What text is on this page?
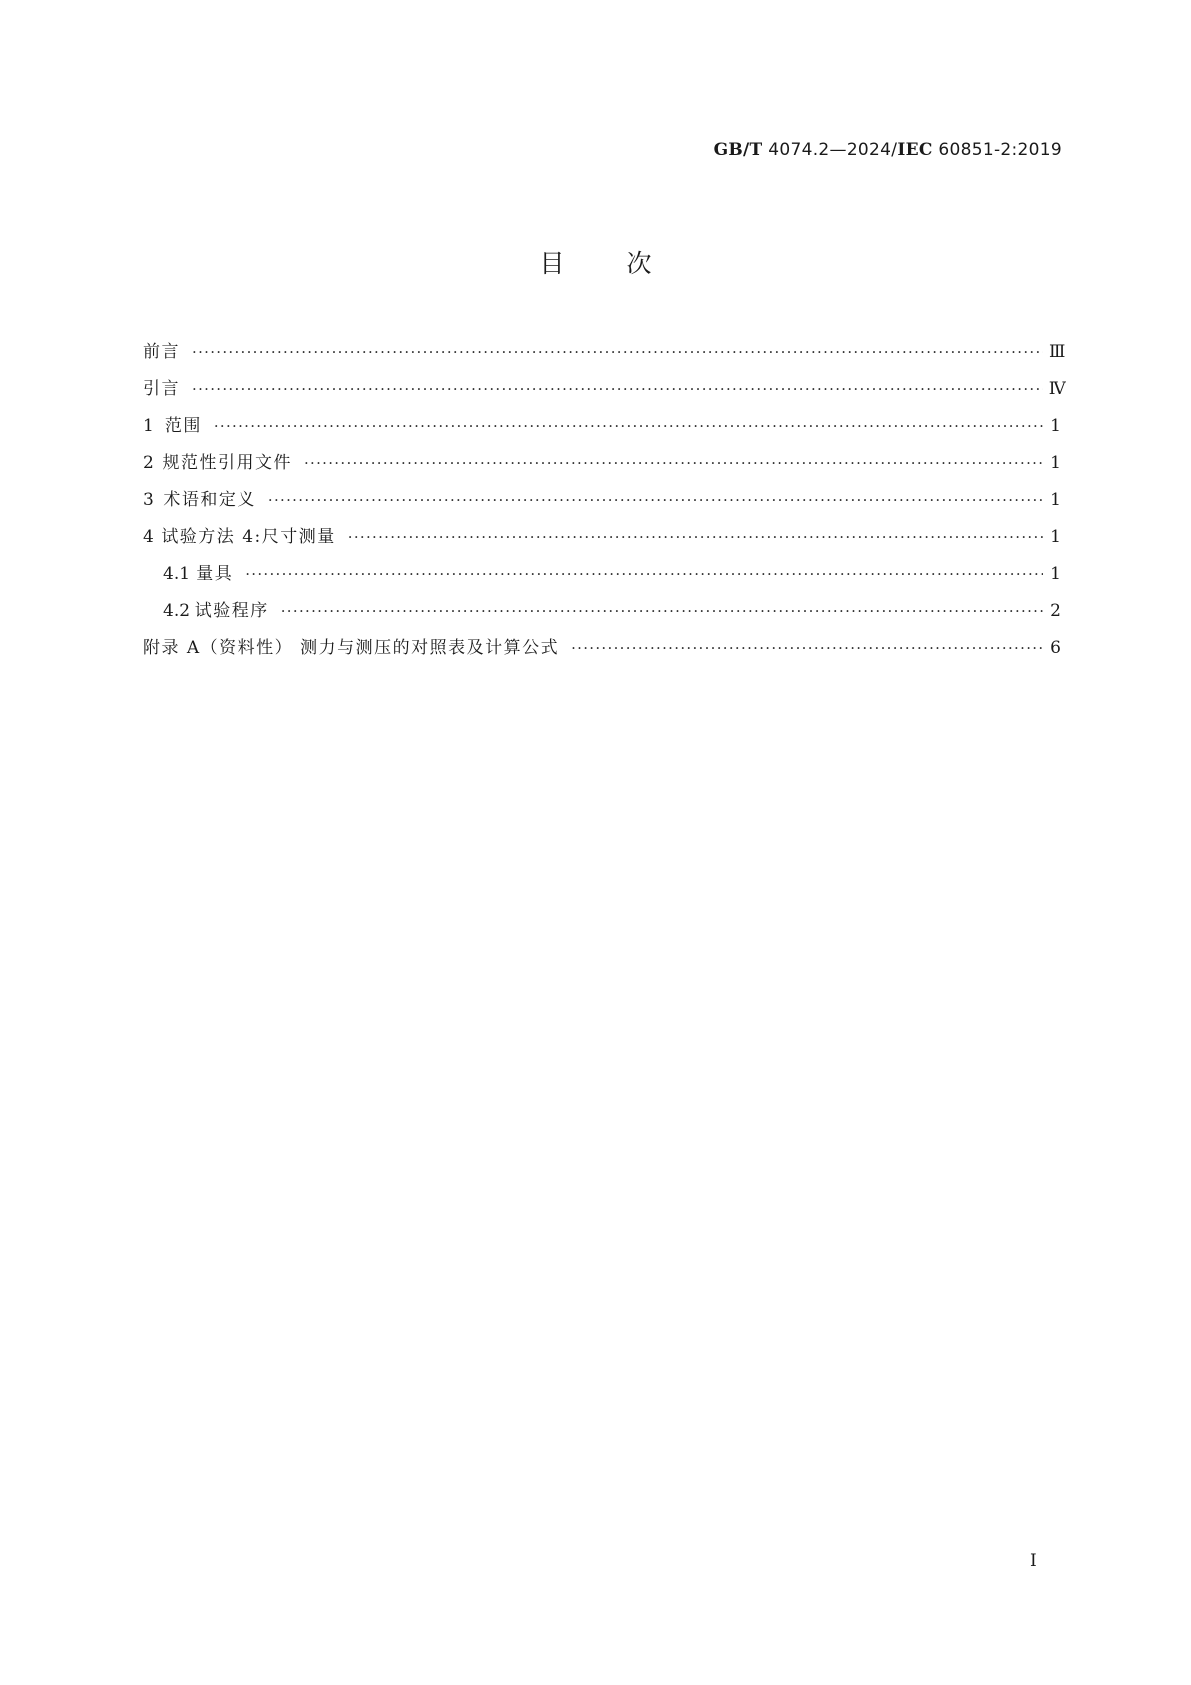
GB/T 4074.2—2024/IEC 60851-2:2019
目次
前言 ·····	Ⅲ
引言 ·····	Ⅳ
1 范围 ·····	1
2 规范性引用文件 ·····	1
3 术语和定义 ·····	1
4 试验方法 4:尺寸测量 ·····	1
4.1 量具 ·····	1
4.2 试验程序 ·····	2
附录 A（资料性） 测力与测压的对照表及计算公式 ·····	6
I
